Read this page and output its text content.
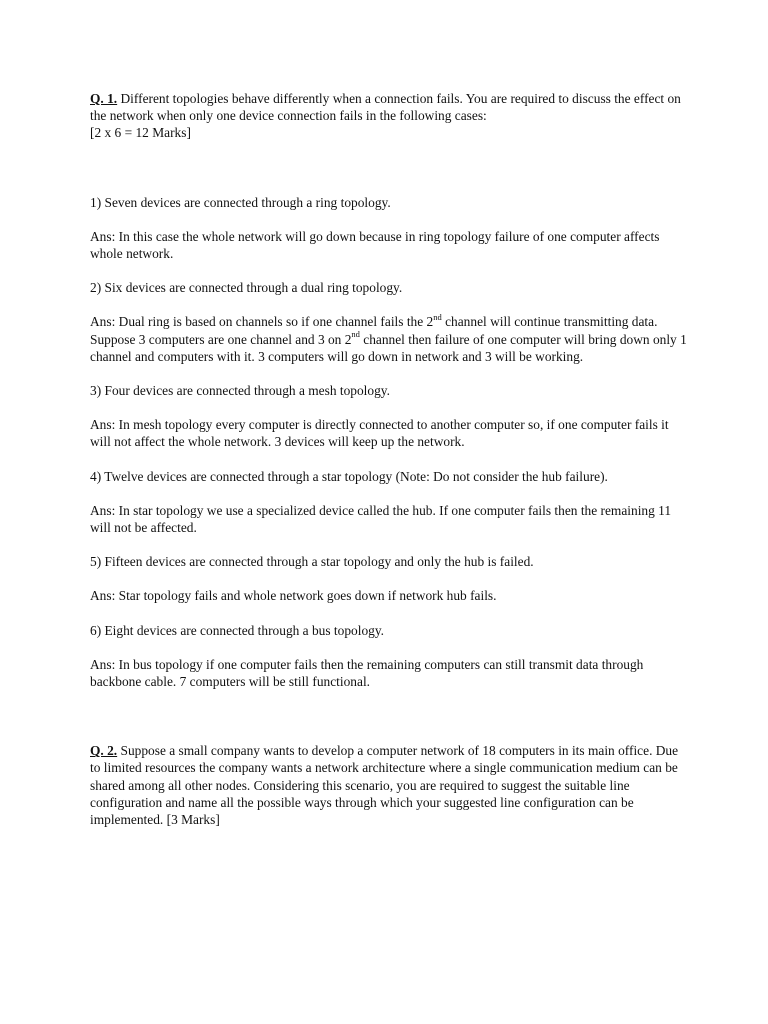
Q. 1. Different topologies behave differently when a connection fails. You are required to discuss the effect on the network when only one device connection fails in the following cases:
[2 x 6 = 12 Marks]

1) Seven devices are connected through a ring topology.

Ans: In this case the whole network will go down because in ring topology failure of one computer affects whole network.

2) Six devices are connected through a dual ring topology.

Ans: Dual ring is based on channels so if one channel fails the 2nd channel will continue transmitting data. Suppose 3 computers are one channel and 3 on 2nd channel then failure of one computer will bring down only 1 channel and computers with it. 3 computers will go down in network and 3 will be working.

3) Four devices are connected through a mesh topology.

Ans: In mesh topology every computer is directly connected to another computer so, if one computer fails it will not affect the whole network. 3 devices will keep up the network.

4) Twelve devices are connected through a star topology (Note: Do not consider the hub failure).

Ans: In star topology we use a specialized device called the hub. If one computer fails then the remaining 11 will not be affected.

5) Fifteen devices are connected through a star topology and only the hub is failed.

Ans: Star topology fails and whole network goes down if network hub fails.

6) Eight devices are connected through a bus topology.

Ans: In bus topology if one computer fails then the remaining computers can still transmit data through backbone cable. 7 computers will be still functional.

Q. 2. Suppose a small company wants to develop a computer network of 18 computers in its main office. Due to limited resources the company wants a network architecture where a single communication medium can be shared among all other nodes. Considering this scenario, you are required to suggest the suitable line configuration and name all the possible ways through which your suggested line configuration can be implemented. [3 Marks]
